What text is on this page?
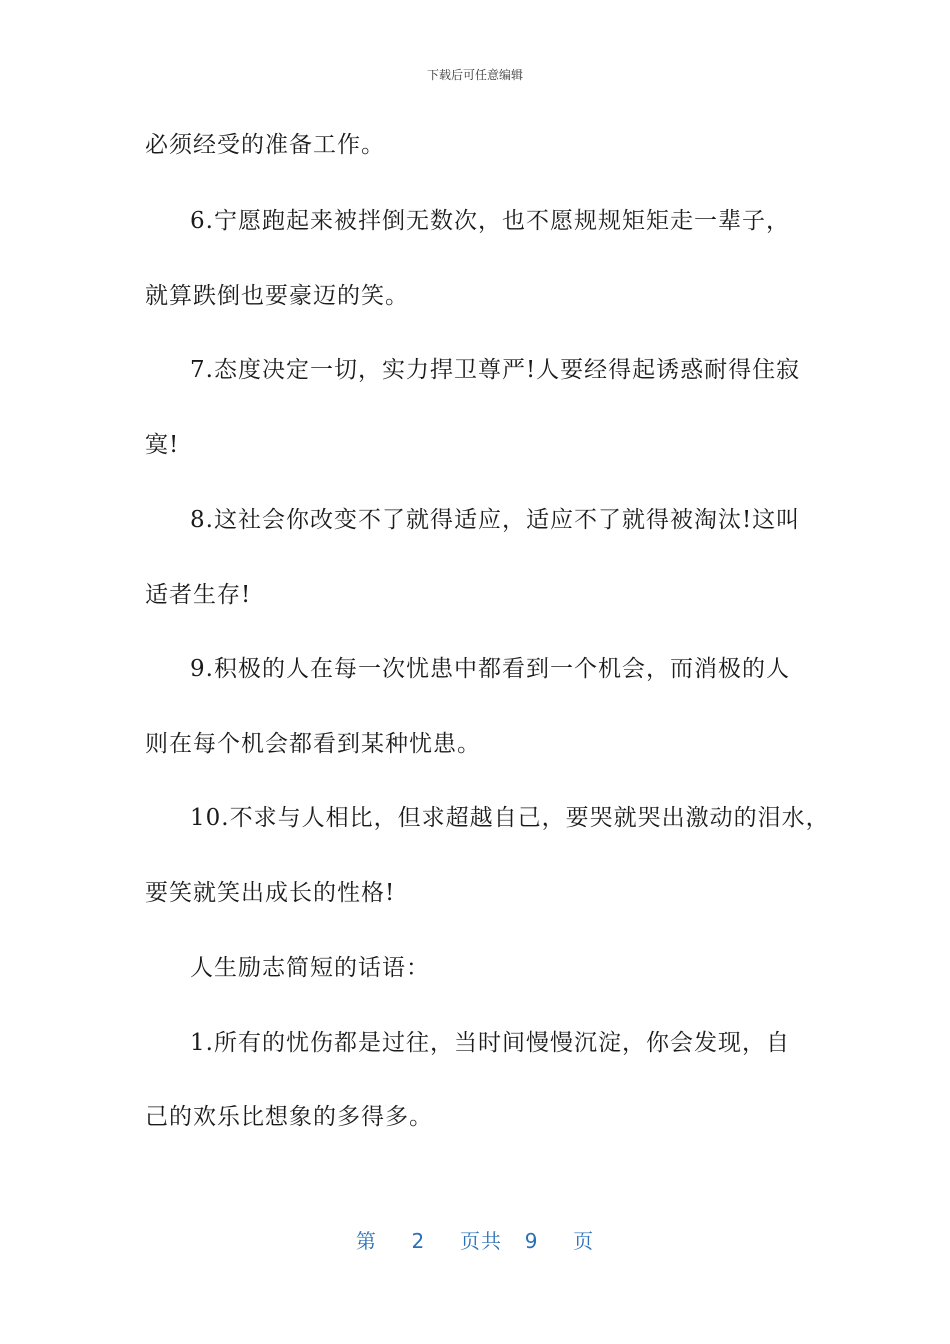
下载后可任意编辑
必须经受的准备工作。
6.宁愿跑起来被拌倒无数次，也不愿规规矩矩走一辈子，
就算跌倒也要豪迈的笑。
7.态度决定一切，实力捍卫尊严!人要经得起诱惑耐得住寂
寞!
8.这社会你改变不了就得适应，适应不了就得被淘汰!这叫
适者生存!
9.积极的人在每一次忧患中都看到一个机会，而消极的人
则在每个机会都看到某种忧患。
10.不求与人相比，但求超越自己，要哭就哭出激动的泪水，
要笑就笑出成长的性格!
人生励志简短的话语：
1.所有的忧伤都是过往，当时间慢慢沉淀，你会发现，自
己的欢乐比想象的多得多。
第 2 页共 9 页
